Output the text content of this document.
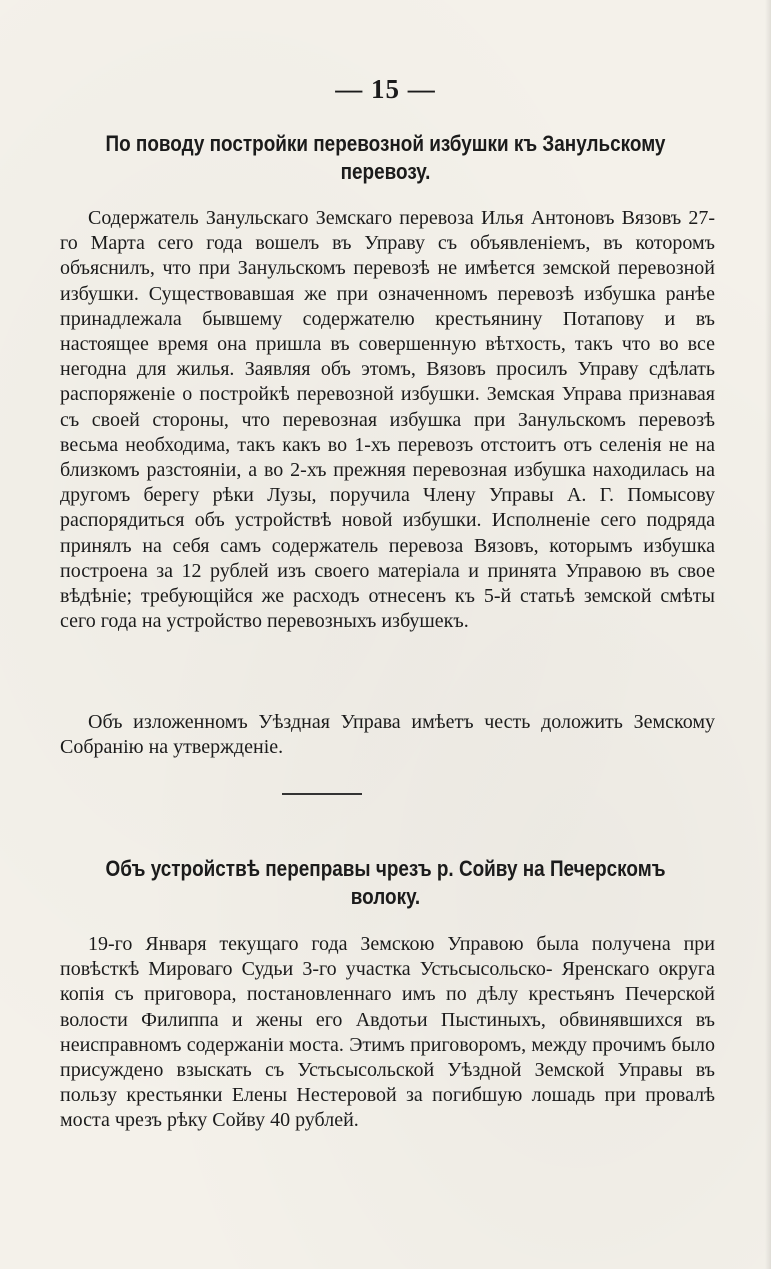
— 15 —
По поводу постройки перевозной избушки къ Занульскому перевозу.

Содержатель Занульскаго Земскаго перевоза Илья Антоновъ Вязовъ 27-го Марта сего года вошелъ въ Управу съ объявленіемъ, въ которомъ объяснилъ, что при Занульскомъ перевозѣ не имѣется земской перевозной избушки. Существовавшая же при означенномъ перевозѣ избушка ранѣе принадлежала бывшему содержателю крестьянину Потапову и въ настоящее время она пришла въ совершенную вѣтхость, такъ что во все негодна для жилья. Заявляя объ этомъ, Вязовъ просилъ Управу сдѣлать распоряженіе о постройкѣ перевозной избушки. Земская Управа признавая съ своей стороны, что перевозная избушка при Занульскомъ перевозѣ весьма необходима, такъ какъ во 1-хъ перевозъ отстоитъ отъ селенія не на близкомъ разстояніи, а во 2-хъ прежняя перевозная избушка находилась на другомъ берегу рѣки Лузы, поручила Члену Управы А. Г. Помысову распорядиться объ устройствѣ новой избушки. Исполненіе сего подряда принялъ на себя самъ содержатель перевоза Вязовъ, которымъ избушка построена за 12 рублей изъ своего матеріала и принята Управою въ свое вѣдѣніе; требующійся же расходъ отнесенъ къ 5-й статьѣ земской смѣты сего года на устройство перевозныхъ избушекъ.

Объ изложенномъ Уѣздная Управа имѣетъ честь доложить Земскому Собранію на утвержденіе.

Объ устройствѣ переправы чрезъ р. Сойву на Печерскомъ волоку.

19-го Января текущаго года Земскою Управою была получена при повѣсткѣ Мироваго Судьи 3-го участка Устьсысольско- Яренскаго округа копія съ приговора, постановленнаго имъ по дѣлу крестьянъ Печерской волости Филиппа и жены его Авдотьи Пыстиныхъ, обвинявшихся въ неисправномъ содержаніи моста. Этимъ приговоромъ, между прочимъ было присуждено взыскать съ Устьсысольской Уѣздной Земской Управы въ пользу крестьянки Елены Нестеровой за погибшую лошадь при провалѣ моста чрезъ рѣку Сойву 40 рублей.
